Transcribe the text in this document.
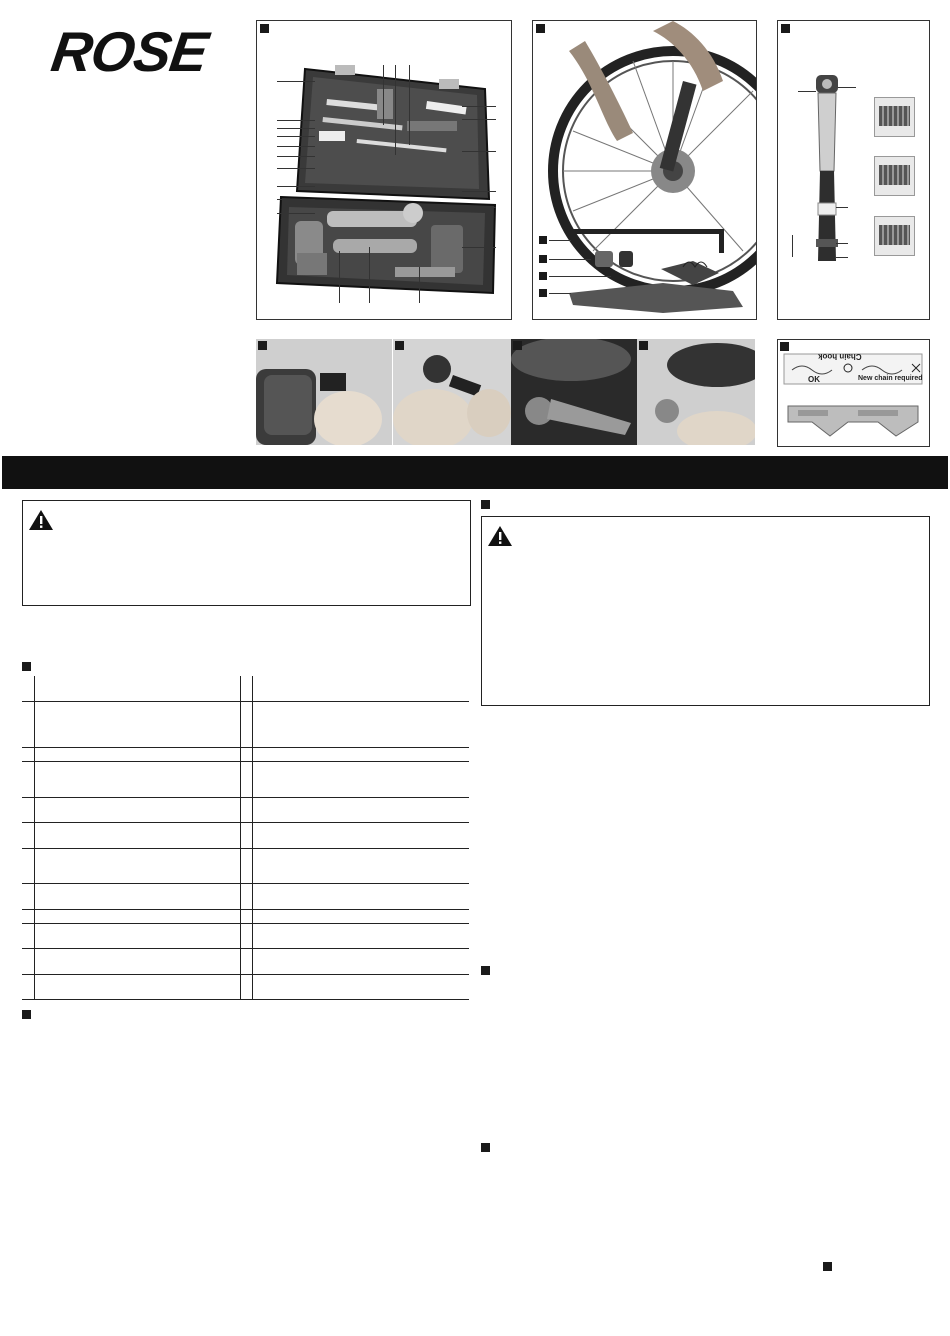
ROSE
Chain hook
OK	New chain required
